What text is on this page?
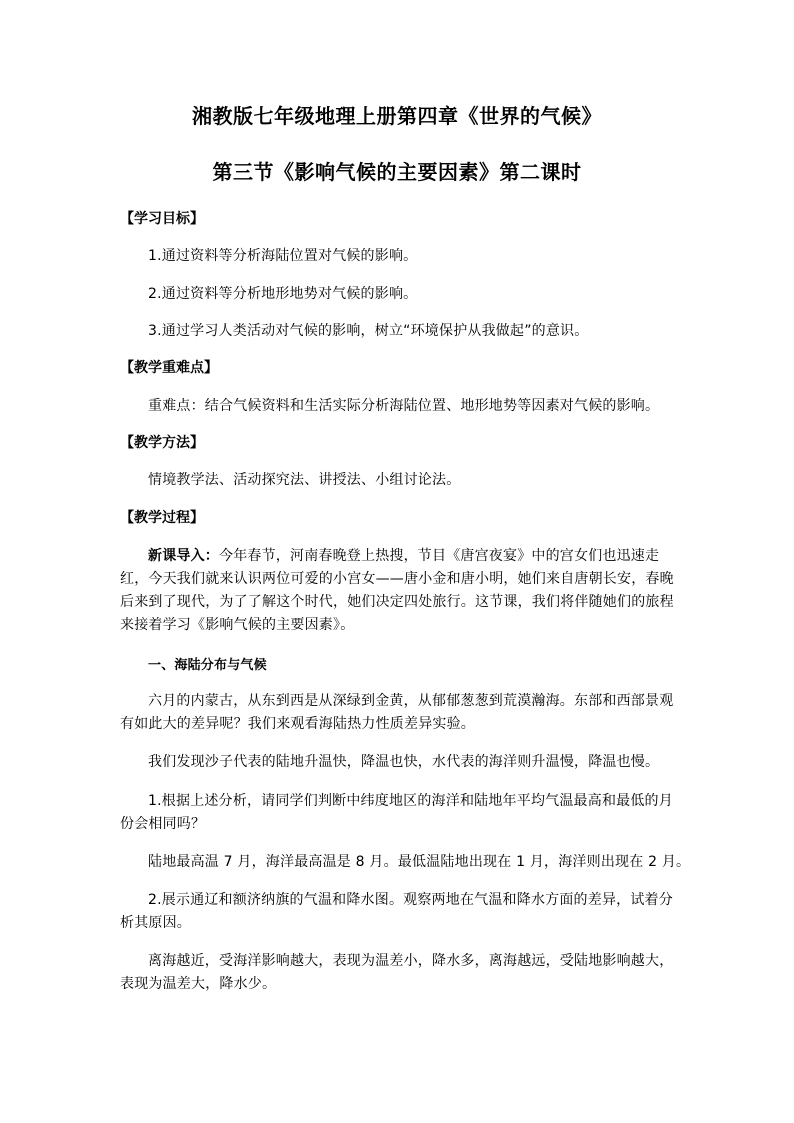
湘教版七年级地理上册第四章《世界的气候》
第三节《影响气候的主要因素》第二课时
【学习目标】
1.通过资料等分析海陆位置对气候的影响。
2.通过资料等分析地形地势对气候的影响。
3.通过学习人类活动对气候的影响，树立“环境保护从我做起”的意识。
【教学重难点】
重难点：结合气候资料和生活实际分析海陆位置、地形地势等因素对气候的影响。
【教学方法】
情境教学法、活动探究法、讲授法、小组讨论法。
【教学过程】
新课导入：今年春节，河南春晚登上热搜，节目《唐宫夜宴》中的宫女们也迅速走红，今天我们就来认识两位可爱的小宫女——唐小金和唐小明，她们来自唐朝长安，春晚后来到了现代，为了了解这个时代，她们决定四处旅行。这节课，我们将伴随她们的旅程来接着学习《影响气候的主要因素》。
一、海陆分布与气候
六月的内蒙古，从东到西是从深绿到金黄，从郁郁葱葱到荒漠瀚海。东部和西部景观有如此大的差异呢？我们来观看海陆热力性质差异实验。
我们发现沙子代表的陆地升温快，降温也快，水代表的海洋则升温慢，降温也慢。
1.根据上述分析，请同学们判断中纬度地区的海洋和陆地年平均气温最高和最低的月份会相同吗？
陆地最高温 7 月，海洋最高温是 8 月。最低温陆地出现在 1 月，海洋则出现在 2 月。
2.展示通辽和额济纳旗的气温和降水图。观察两地在气温和降水方面的差异，试着分析其原因。
离海越近，受海洋影响越大，表现为温差小，降水多，离海越远，受陆地影响越大，表现为温差大，降水少。
